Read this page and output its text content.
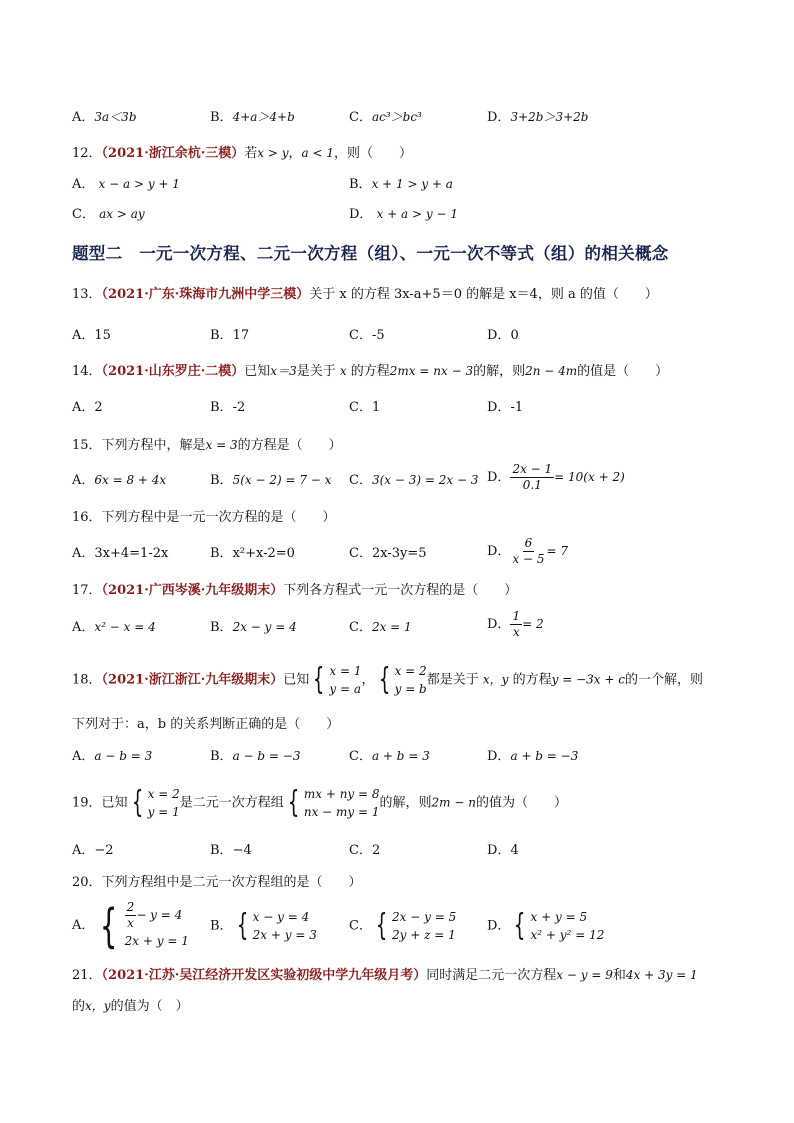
A．3a＜3b	B．4+a＞4+b	C．ac³＞bc³	D．3+2b＞3+2b
12．（2021·浙江余杭·三模）若x > y，a < 1，则（　　）
A． x − a > y + 1	B．x + 1 > y + a
C． ax > ay	D． x + a > y − 1
题型二　一元一次方程、二元一次方程（组）、一元一次不等式（组）的相关概念
13．（2021·广东·珠海市九洲中学三模）关于 x 的方程 3x-a+5＝0 的解是 x＝4，则 a 的值（　　）
A．15	B．17	C．-5	D．0
14．（2021·山东罗庄·二模）已知x＝3是关于 x 的方程2mx = nx − 3的解，则2n − 4m的值是（　　）
A．2	B．-2	C．1	D．-1
15．下列方程中，解是x = 3的方程是（　　）
A．6x = 8 + 4x	B．5(x − 2) = 7 − x C．3(x − 3) = 2x − 3 D． $\frac{2x - 1}{0.1} = 10(x + 2)$
16．下列方程中是一元一次方程的是（　　）
A．3x+4=1-2x	B．x²+x-2=0	C．2x-3y=5	D． $\frac{6}{x - 5} = 7$
17．（2021·广西岑溪·九年级期末）下列各方程式一元一次方程的是（　　）
A．x² − x = 4	B．2x − y = 4	C．2x = 1	D． $\frac{1}{x} = 2$
18．（2021·浙江浙江·九年级期末）已知 { x = 1
y = a
， { x = 2
y = b
都是关于 x，y 的方程y = −3x + c的一个解，则
下列对于：a，b 的关系判断正确的是（　　）
A．a − b = 3	B．a − b = −3	C．a + b = 3	D．a + b = −3
19．已知 { x = 2
y = 1
是二元一次方程组 { mx + ny = 8
nx − my = 1
的解，则2m − n的值为（　　）
A．−2	B．−4	C．2	D．4
20．下列方程组中是二元一次方程组的是（　　）
A． { $\frac{2}{x} - y = 4$
2x + y = 1
B． { x − y = 4
2x + y = 3
C． { 2x − y = 5
2y + z = 1
D． { x + y = 5
x² + y² = 12
21．（2021·江苏·吴江经济开发区实验初级中学九年级月考）同时满足二元一次方程x − y = 9和4x + 3y = 1
的x，y的值为（　）
